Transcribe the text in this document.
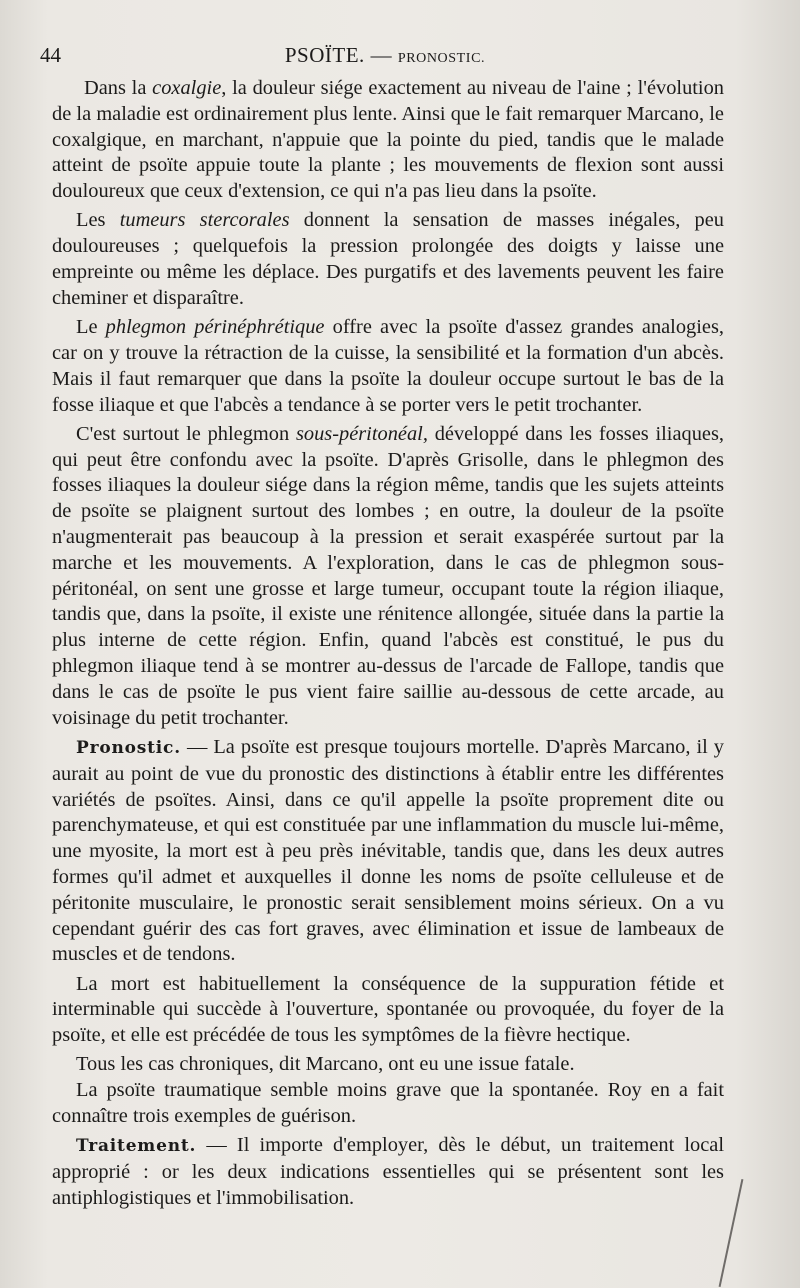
44	PSOÏTE. — PRONOSTIC.

Dans la coxalgie, la douleur siége exactement au niveau de l'aine ; l'évolution de la maladie est ordinairement plus lente. Ainsi que le fait remarquer Marcano, le coxalgique, en marchant, n'appuie que la pointe du pied, tandis que le malade atteint de psoïte appuie toute la plante ; les mouvements de flexion sont aussi douloureux que ceux d'extension, ce qui n'a pas lieu dans la psoïte.

Les tumeurs stercorales donnent la sensation de masses inégales, peu douloureuses ; quelquefois la pression prolongée des doigts y laisse une empreinte ou même les déplace. Des purgatifs et des lavements peuvent les faire cheminer et disparaître.

Le phlegmon périnéphrétique offre avec la psoïte d'assez grandes analogies, car on y trouve la rétraction de la cuisse, la sensibilité et la formation d'un abcès. Mais il faut remarquer que dans la psoïte la douleur occupe surtout le bas de la fosse iliaque et que l'abcès a tendance à se porter vers le petit trochanter.

C'est surtout le phlegmon sous-péritonéal, développé dans les fosses iliaques, qui peut être confondu avec la psoïte. D'après Grisolle, dans le phlegmon des fosses iliaques la douleur siége dans la région même, tandis que les sujets atteints de psoïte se plaignent surtout des lombes ; en outre, la douleur de la psoïte n'augmenterait pas beaucoup à la pression et serait exaspérée surtout par la marche et les mouvements. A l'exploration, dans le cas de phlegmon sous-péritonéal, on sent une grosse et large tumeur, occupant toute la région iliaque, tandis que, dans la psoïte, il existe une rénitence allongée, située dans la partie la plus interne de cette région. Enfin, quand l'abcès est constitué, le pus du phlegmon iliaque tend à se montrer au-dessus de l'arcade de Fallope, tandis que dans le cas de psoïte le pus vient faire saillie au-dessous de cette arcade, au voisinage du petit trochanter.

Pronostic. — La psoïte est presque toujours mortelle. D'après Marcano, il y aurait au point de vue du pronostic des distinctions à établir entre les différentes variétés de psoïtes. Ainsi, dans ce qu'il appelle la psoïte proprement dite ou parenchymateuse, et qui est constituée par une inflammation du muscle lui-même, une myosite, la mort est à peu près inévitable, tandis que, dans les deux autres formes qu'il admet et auxquelles il donne les noms de psoïte celluleuse et de péritonite musculaire, le pronostic serait sensiblement moins sérieux. On a vu cependant guérir des cas fort graves, avec élimination et issue de lambeaux de muscles et de tendons.

La mort est habituellement la conséquence de la suppuration fétide et interminable qui succède à l'ouverture, spontanée ou provoquée, du foyer de la psoïte, et elle est précédée de tous les symptômes de la fièvre hectique.

Tous les cas chroniques, dit Marcano, ont eu une issue fatale.

La psoïte traumatique semble moins grave que la spontanée. Roy en a fait connaître trois exemples de guérison.

Traitement. — Il importe d'employer, dès le début, un traitement local approprié : or les deux indications essentielles qui se présentent sont les antiphlogistiques et l'immobilisation.
